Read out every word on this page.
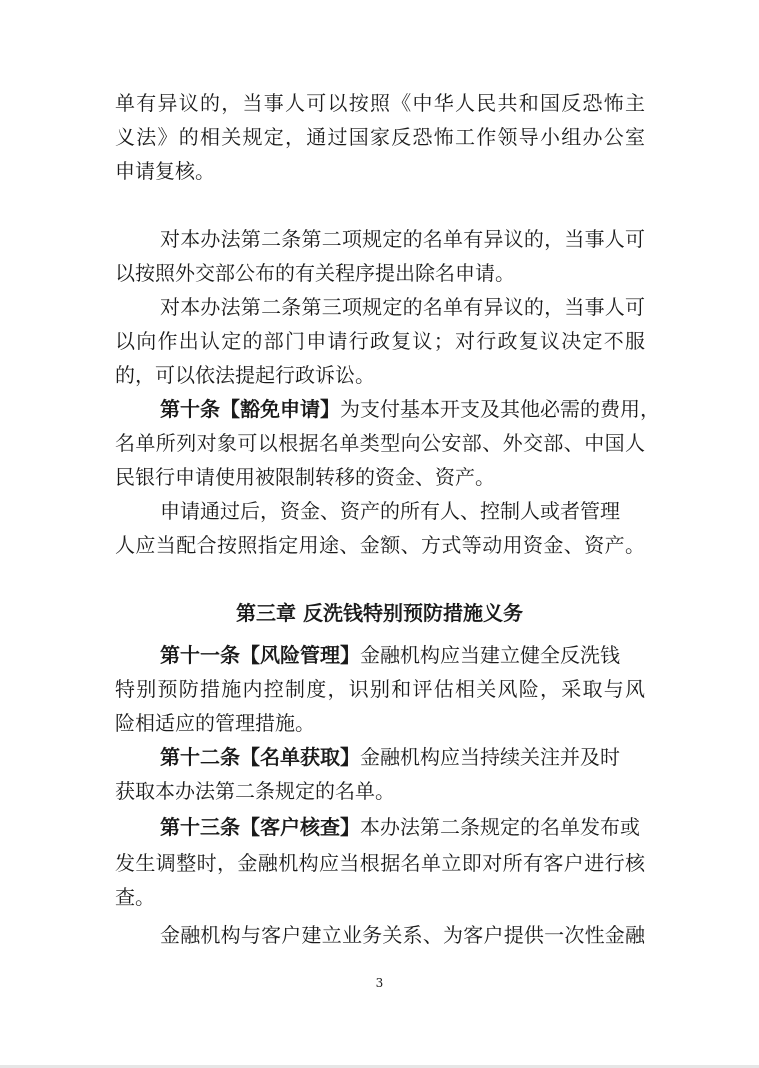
单有异议的，当事人可以按照《中华人民共和国反恐怖主
义法》的相关规定，通过国家反恐怖工作领导小组办公室
申请复核。
对本办法第二条第二项规定的名单有异议的，当事人可
以按照外交部公布的有关程序提出除名申请。
对本办法第二条第三项规定的名单有异议的，当事人可
以向作出认定的部门申请行政复议；对行政复议决定不服
的，可以依法提起行政诉讼。
第十条【豁免申请】为支付基本开支及其他必需的费用，
名单所列对象可以根据名单类型向公安部、外交部、中国人
民银行申请使用被限制转移的资金、资产。
申请通过后，资金、资产的所有人、控制人或者管理
人应当配合按照指定用途、金额、方式等动用资金、资产。
第三章 反洗钱特别预防措施义务
第十一条【风险管理】金融机构应当建立健全反洗钱
特别预防措施内控制度，识别和评估相关风险，采取与风
险相适应的管理措施。
第十二条【名单获取】金融机构应当持续关注并及时
获取本办法第二条规定的名单。
第十三条【客户核查】本办法第二条规定的名单发布或
发生调整时，金融机构应当根据名单立即对所有客户进行核
查。
金融机构与客户建立业务关系、为客户提供一次性金融
3
